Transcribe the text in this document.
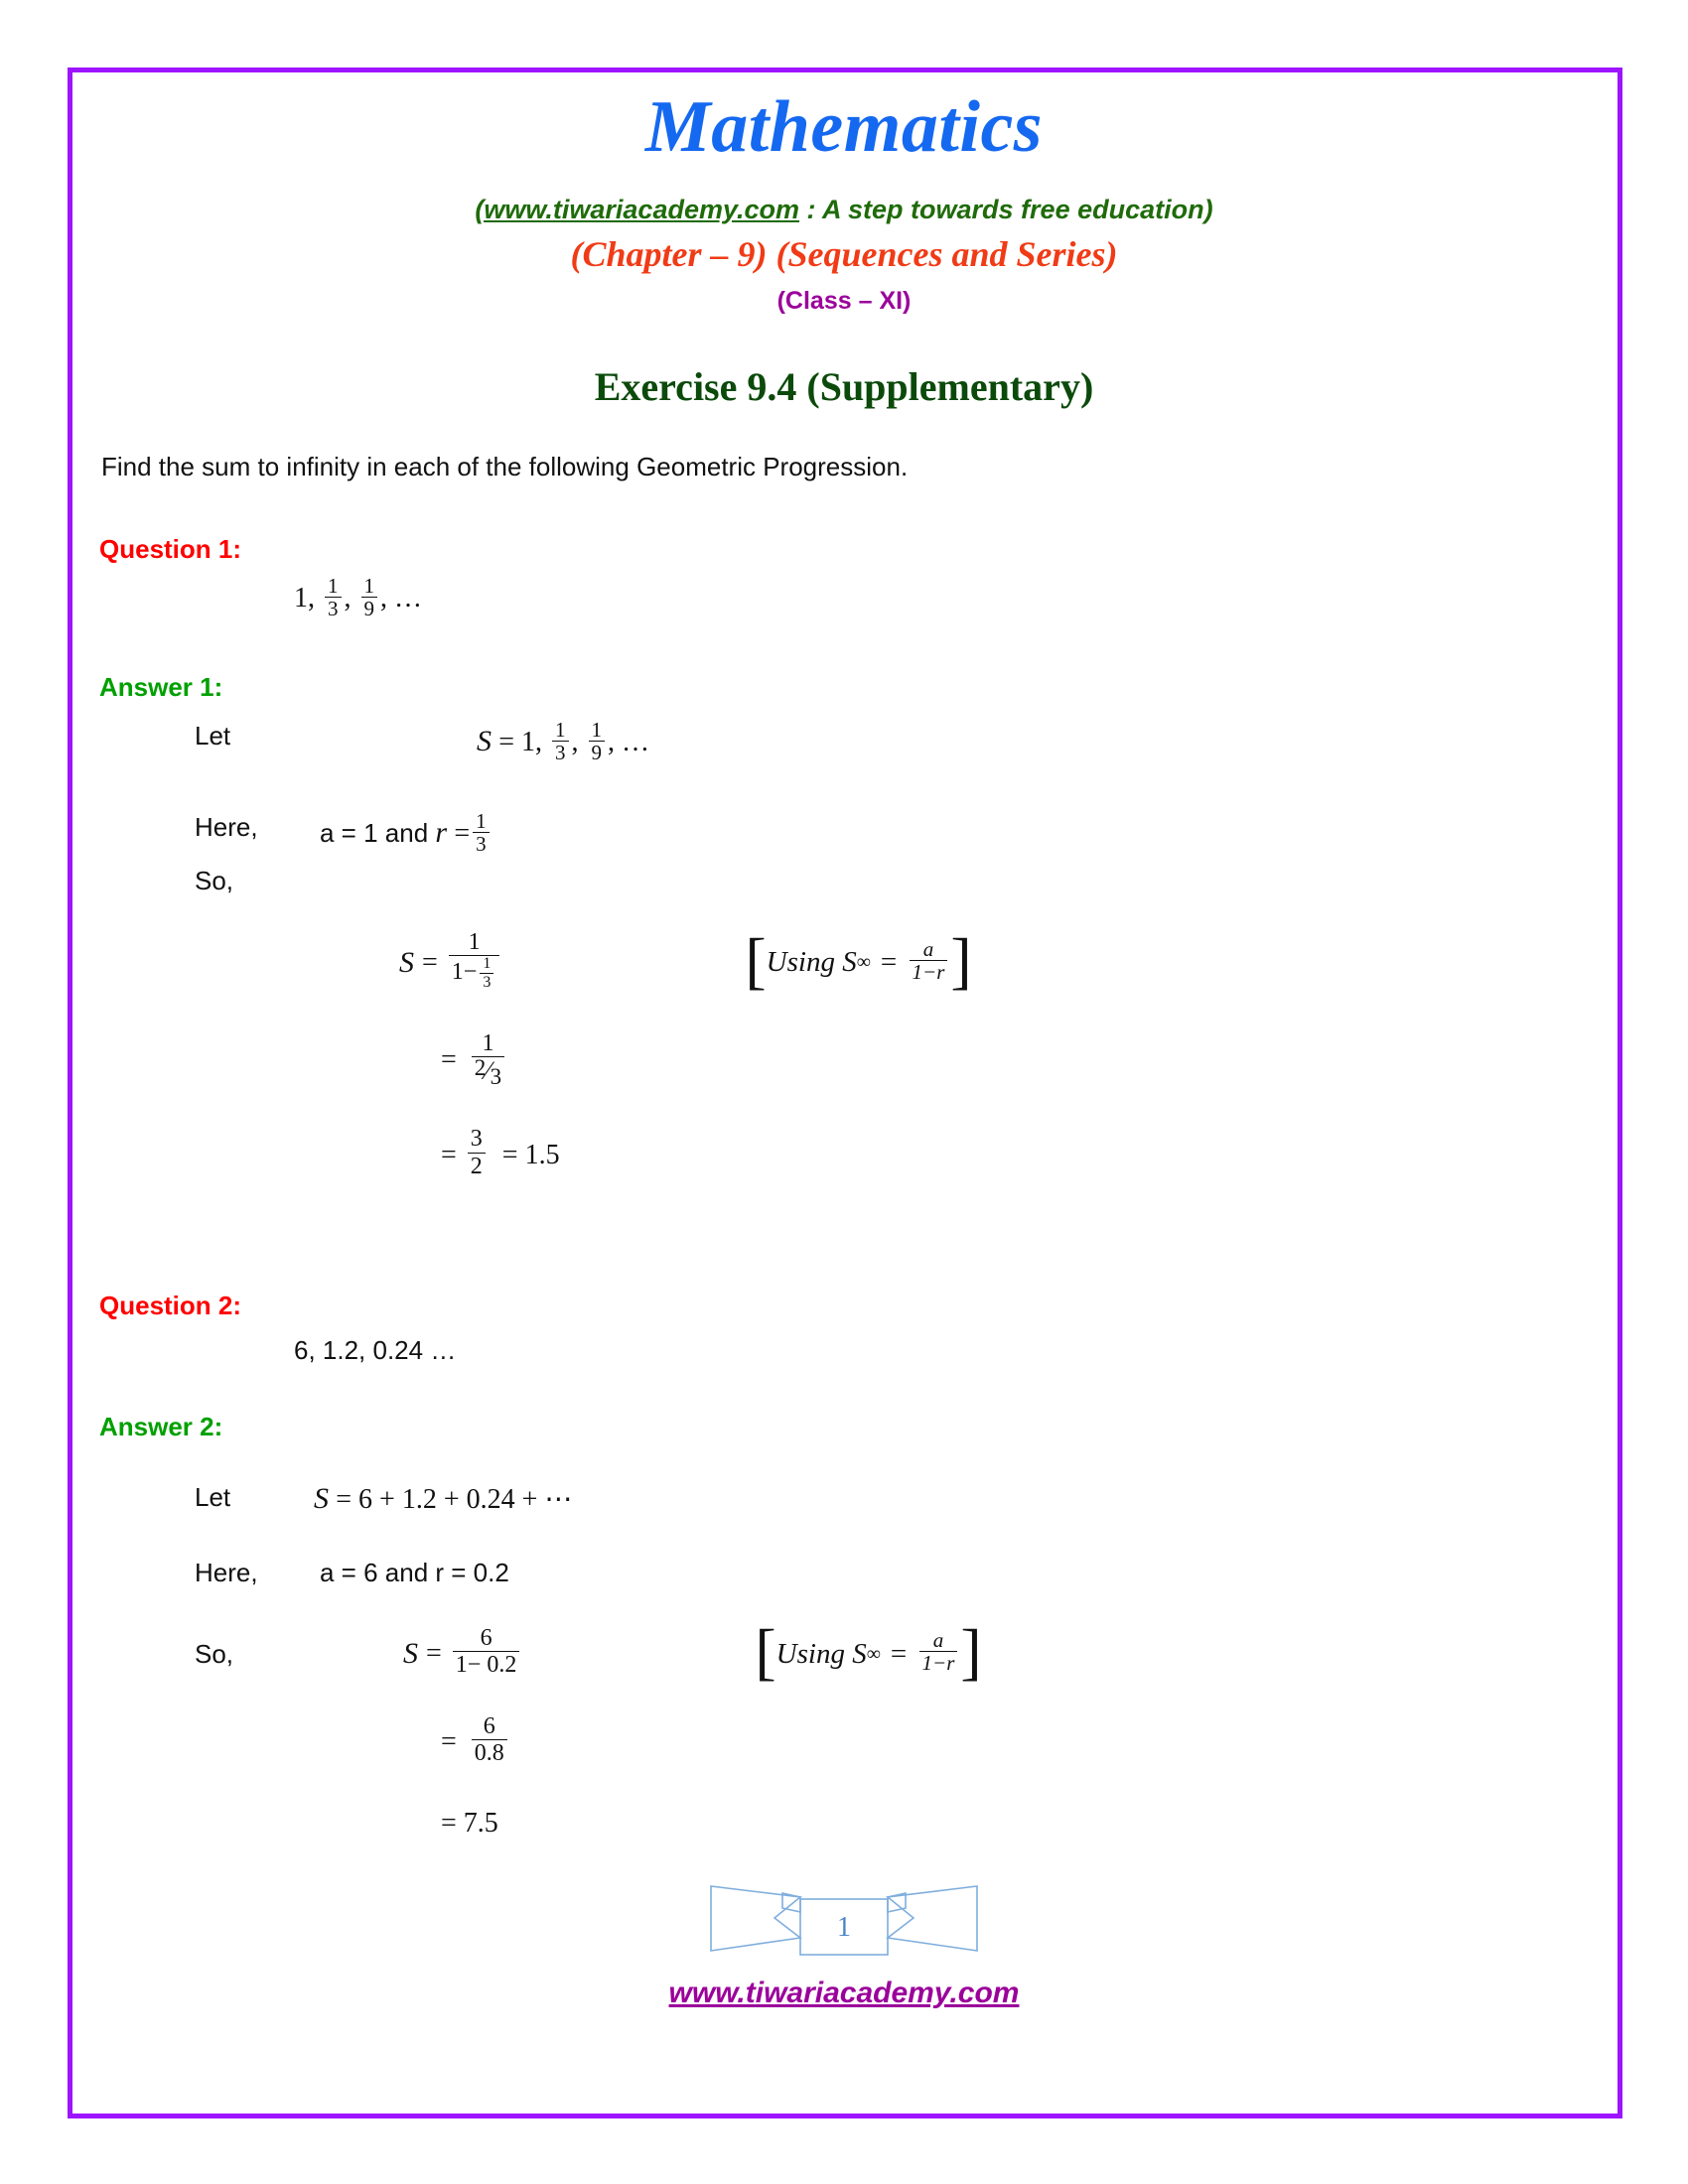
Mathematics
(www.tiwariacademy.com : A step towards free education)
(Chapter – 9) (Sequences and Series)
(Class – XI)
Exercise 9.4 (Supplementary)
Find the sum to infinity in each of the following Geometric Progression.
Question 1:
1, $\frac{1}{3}$ , $\frac{1}{9}$ , …
Answer 1:
Let	S = 1, $\frac{1}{3}$ , $\frac{1}{9}$ , …
Here,	a = 1 and $r = \frac{1}{3}$
So,
$S = \frac{1}{1- \frac{1}{3}}$	[ Using S ∞ = $\frac{a}{1-r}$ ]
= $\frac{1}{2⁄3}$
= $\frac{3}{2} = 1.5$
Question 2:
6, 1.2, 0.24 …
Answer 2:
Let	S = 6 + 1.2 + 0.24 + ⋯
Here,	a = 6 and r = 0.2
So,	$S = \frac{6}{1- 0.2}$	[ Using S ∞ = $\frac{a}{1-r}$ ]
= $\frac{6}{0.8}$
= 7.5
1
www.tiwariacademy.com
